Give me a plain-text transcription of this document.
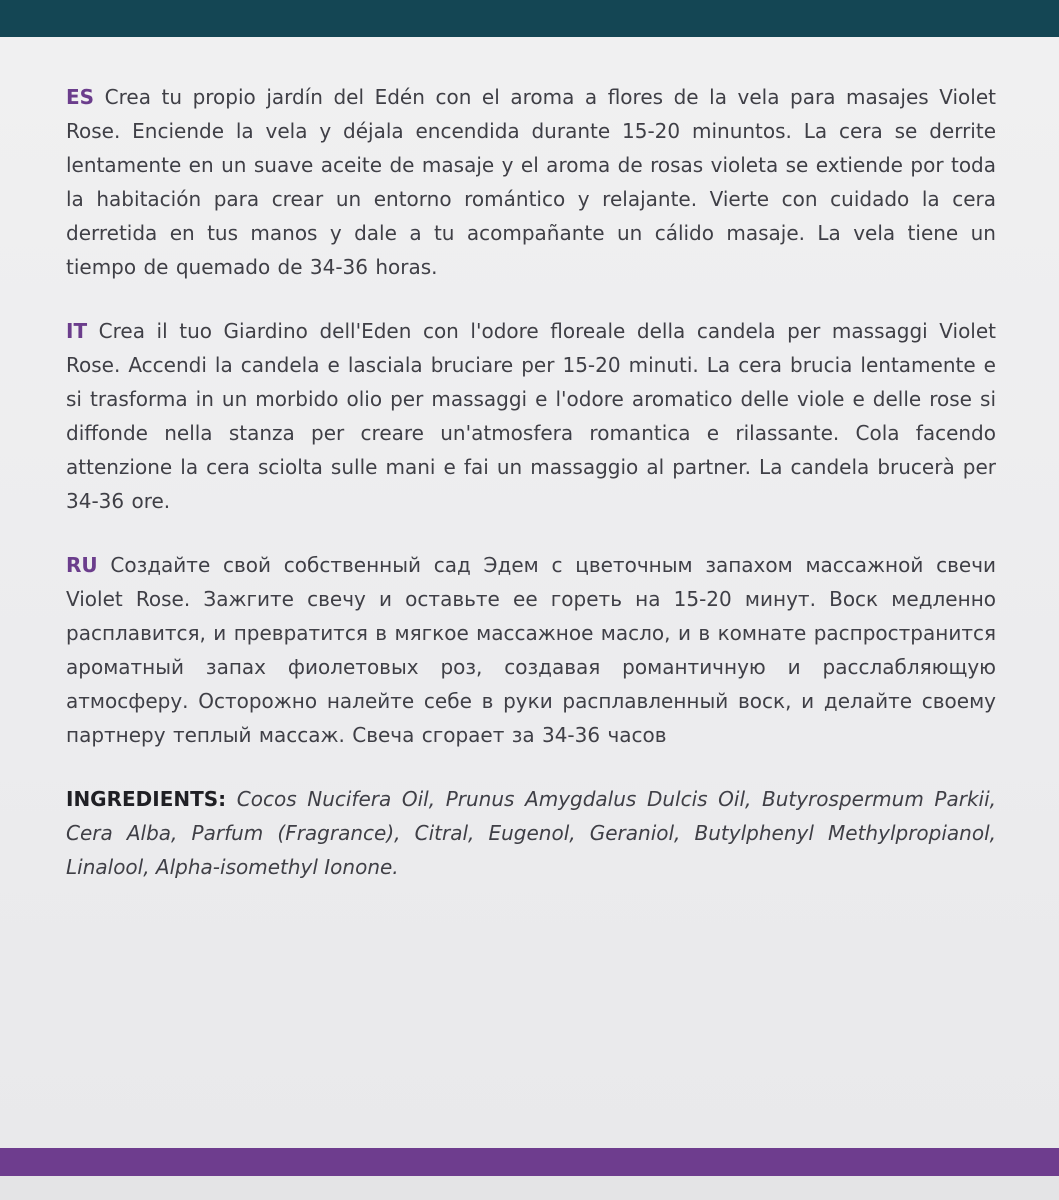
ES Crea tu propio jardín del Edén con el aroma a flores de la vela para masajes Violet Rose. Enciende la vela y déjala encendida durante 15-20 minuntos. La cera se derrite lentamente en un suave aceite de masaje y el aroma de rosas violeta se extiende por toda la habitación para crear un entorno romántico y relajante. Vierte con cuidado la cera derretida en tus manos y dale a tu acompañante un cálido masaje. La vela tiene un tiempo de quemado de 34-36 horas.

IT Crea il tuo Giardino dell'Eden con l'odore floreale della candela per massaggi Violet Rose. Accendi la candela e lasciala bruciare per 15-20 minuti. La cera brucia lentamente e si trasforma in un morbido olio per massaggi e l'odore aromatico delle viole e delle rose si diffonde nella stanza per creare un'atmosfera romantica e rilassante. Cola facendo attenzione la cera sciolta sulle mani e fai un massaggio al partner. La candela brucerà per 34-36 ore.

RU Создайте свой собственный сад Эдем с цветочным запахом массажной свечи Violet Rose. Зажгите свечу и оставьте ее гореть на 15-20 минут. Воск медленно расплавится, и превратится в мягкое массажное масло, и в комнате распространится ароматный запах фиолетовых роз, создавая романтичную и расслабляющую атмосферу. Осторожно налейте себе в руки расплавленный воск, и делайте своему партнеру теплый массаж. Свеча сгорает за 34-36 часов

INGREDIENTS: Cocos Nucifera Oil, Prunus Amygdalus Dulcis Oil, Butyrospermum Parkii, Cera Alba, Parfum (Fragrance), Citral, Eugenol, Geraniol, Butylphenyl Methylpropianol, Linalool, Alpha-isomethyl Ionone.
